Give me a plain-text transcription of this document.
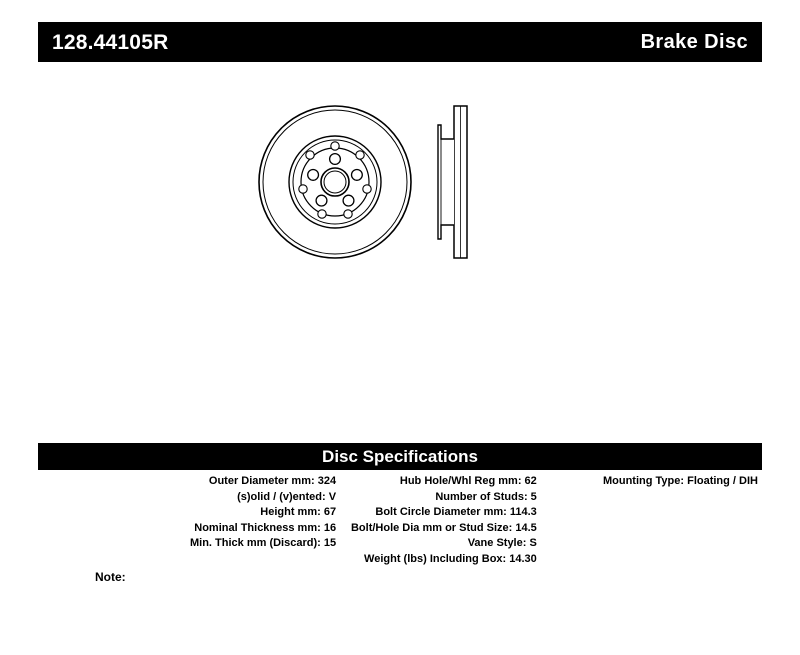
128.44105R	Brake Disc
Disc Specifications
Outer Diameter mm: 324
(s)olid / (v)ented: V
Height mm: 67
Nominal Thickness mm: 16
Min. Thick mm (Discard): 15
Hub Hole/Whl Reg mm: 62
Number of Studs: 5
Bolt Circle Diameter mm: 114.3
Bolt/Hole Dia mm or Stud Size: 14.5
Vane Style: S
Weight (lbs) Including Box: 14.30
Mounting Type: Floating / DIH
Note:
